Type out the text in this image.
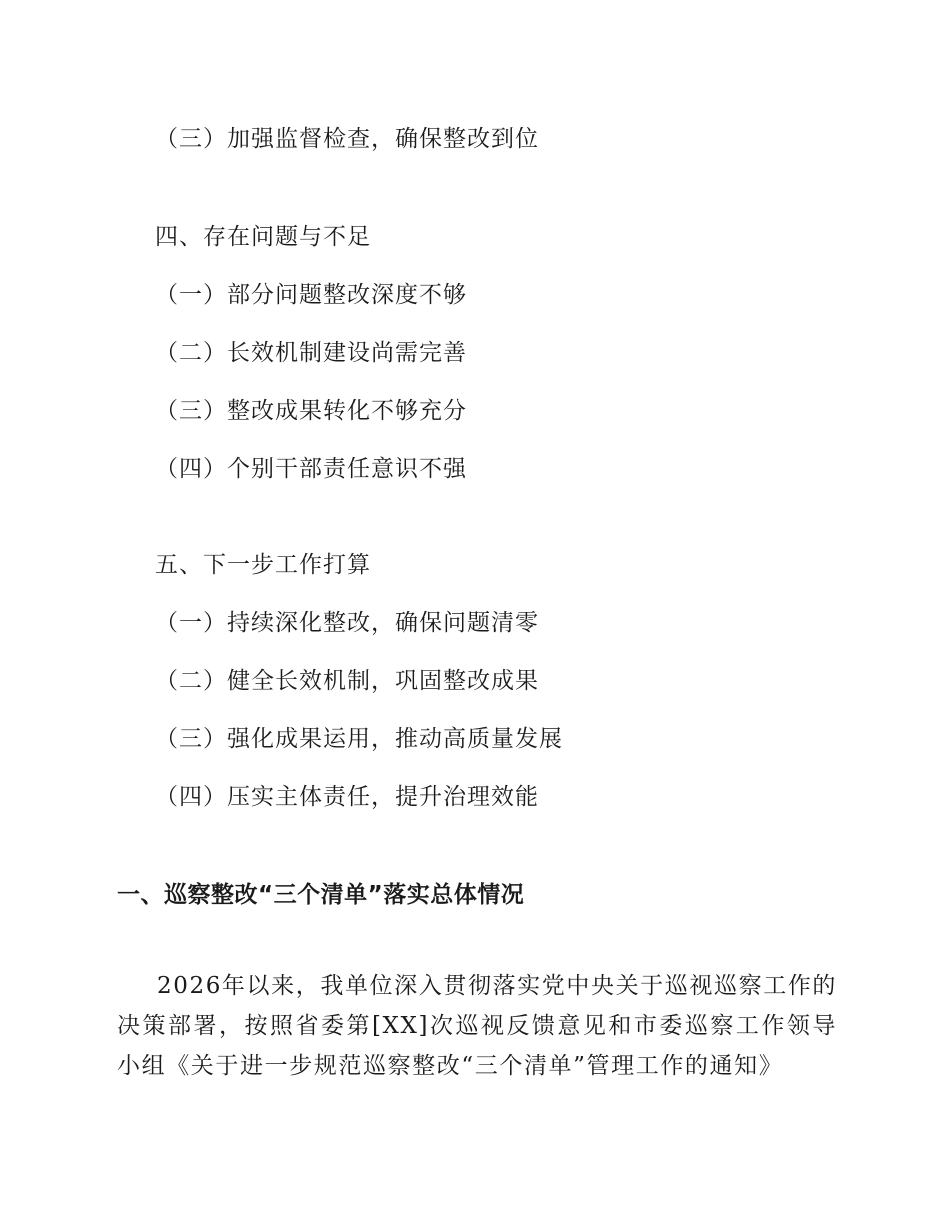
（三）加强监督检查，确保整改到位
四、存在问题与不足
（一）部分问题整改深度不够
（二）长效机制建设尚需完善
（三）整改成果转化不够充分
（四）个别干部责任意识不强
五、下一步工作打算
（一）持续深化整改，确保问题清零
（二）健全长效机制，巩固整改成果
（三）强化成果运用，推动高质量发展
（四）压实主体责任，提升治理效能
一、巡察整改“三个清单”落实总体情况
2026年以来，我单位深入贯彻落实党中央关于巡视巡察工作的决策部署，按照省委第[XX]次巡视反馈意见和市委巡察工作领导小组《关于进一步规范巡察整改“三个清单”管理工作的通知》
